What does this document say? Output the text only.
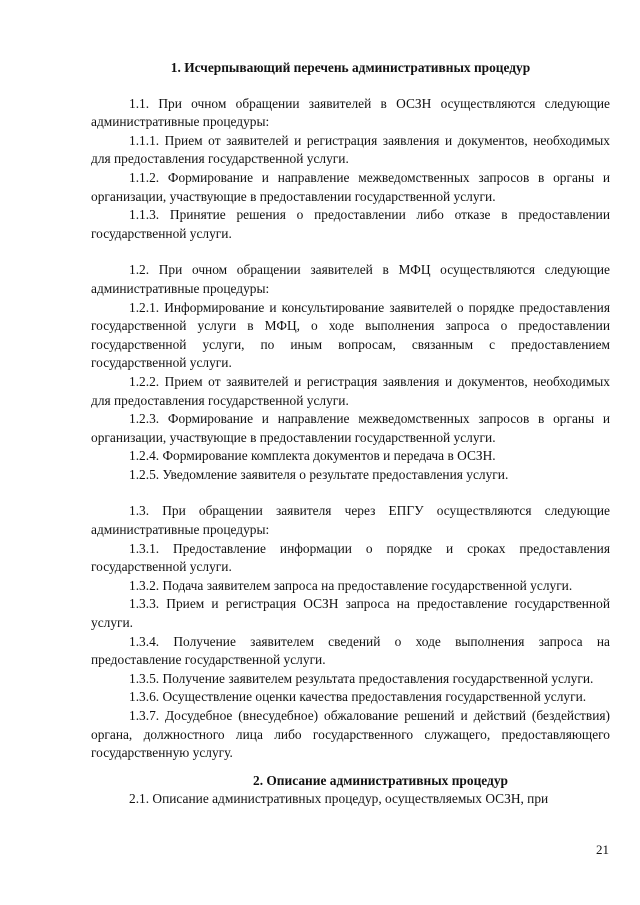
1. Исчерпывающий перечень административных процедур

1.1. При очном обращении заявителей в ОСЗН осуществляются следующие административные процедуры:

1.1.1. Прием от заявителей и регистрация заявления и документов, необходимых для предоставления государственной услуги.

1.1.2. Формирование и направление межведомственных запросов в органы и организации, участвующие в предоставлении государственной услуги.

1.1.3. Принятие решения о предоставлении либо отказе в предоставлении государственной услуги.

1.2. При очном обращении заявителей в МФЦ осуществляются следующие административные процедуры:

1.2.1. Информирование и консультирование заявителей о порядке предоставления государственной услуги в МФЦ, о ходе выполнения запроса о предоставлении государственной услуги, по иным вопросам, связанным с предоставлением государственной услуги.

1.2.2. Прием от заявителей и регистрация заявления и документов, необходимых для предоставления государственной услуги.

1.2.3. Формирование и направление межведомственных запросов в органы и организации, участвующие в предоставлении государственной услуги.

1.2.4. Формирование комплекта документов и передача в ОСЗН.

1.2.5. Уведомление заявителя о результате предоставления услуги.

1.3. При обращении заявителя через ЕПГУ осуществляются следующие административные процедуры:

1.3.1. Предоставление информации о порядке и сроках предоставления государственной услуги.

1.3.2. Подача заявителем запроса на предоставление государственной услуги.

1.3.3. Прием и регистрация ОСЗН запроса на предоставление государственной услуги.

1.3.4. Получение заявителем сведений о ходе выполнения запроса на предоставление государственной услуги.

1.3.5. Получение заявителем результата предоставления государственной услуги.

1.3.6. Осуществление оценки качества предоставления государственной услуги.

1.3.7. Досудебное (внесудебное) обжалование решений и действий (бездействия) органа, должностного лица либо государственного служащего, предоставляющего государственную услугу.

2. Описание административных процедур

2.1. Описание административных процедур, осуществляемых ОСЗН, при

21
